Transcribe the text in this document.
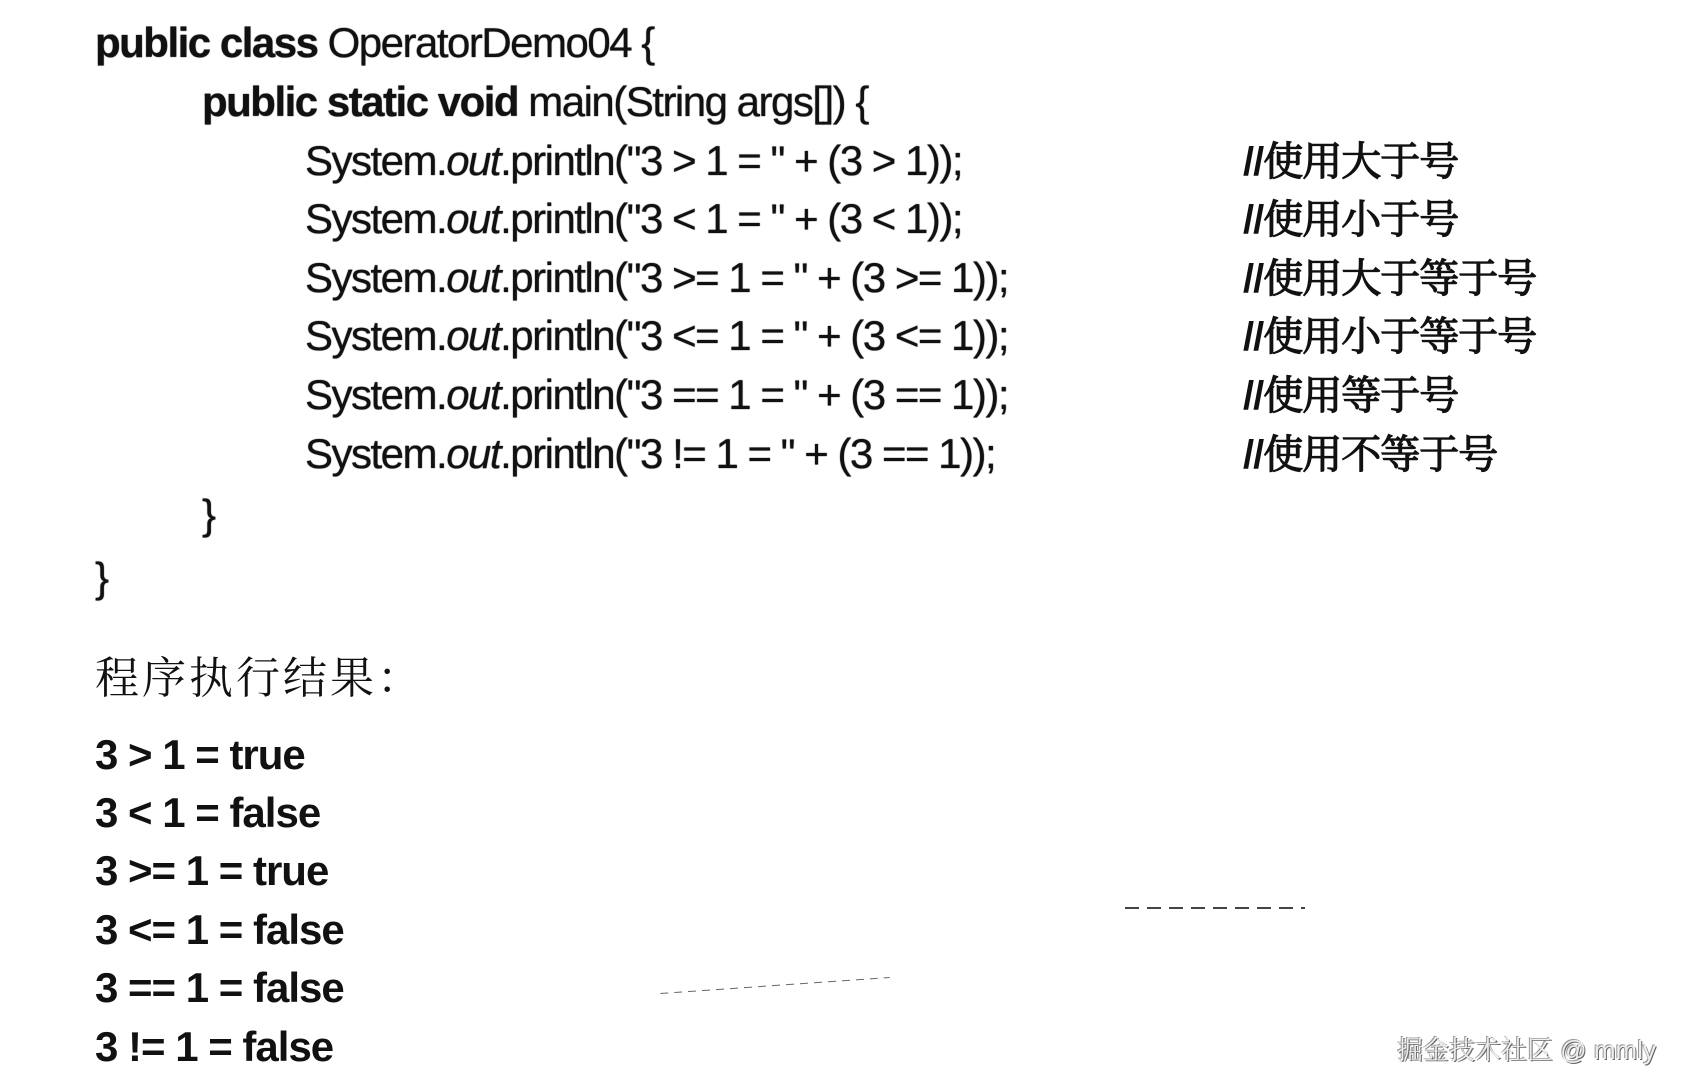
public class OperatorDemo04 {
public static void main(String args[]) {
System.out.println("3 > 1 = " + (3 > 1));	//使用大于号
System.out.println("3 < 1 = " + (3 < 1));	//使用小于号
System.out.println("3 >= 1 = " + (3 >= 1));	//使用大于等于号
System.out.println("3 <= 1 = " + (3 <= 1));	//使用小于等于号
System.out.println("3 == 1 = " + (3 == 1));	//使用等于号
System.out.println("3 != 1 = " + (3 == 1));	//使用不等于号
}
}
程序执行结果：
3 > 1 = true
3 < 1 = false
3 >= 1 = true
3 <= 1 = false
3 == 1 = false
3 != 1 = false	掘金技术社区 @ mmly
